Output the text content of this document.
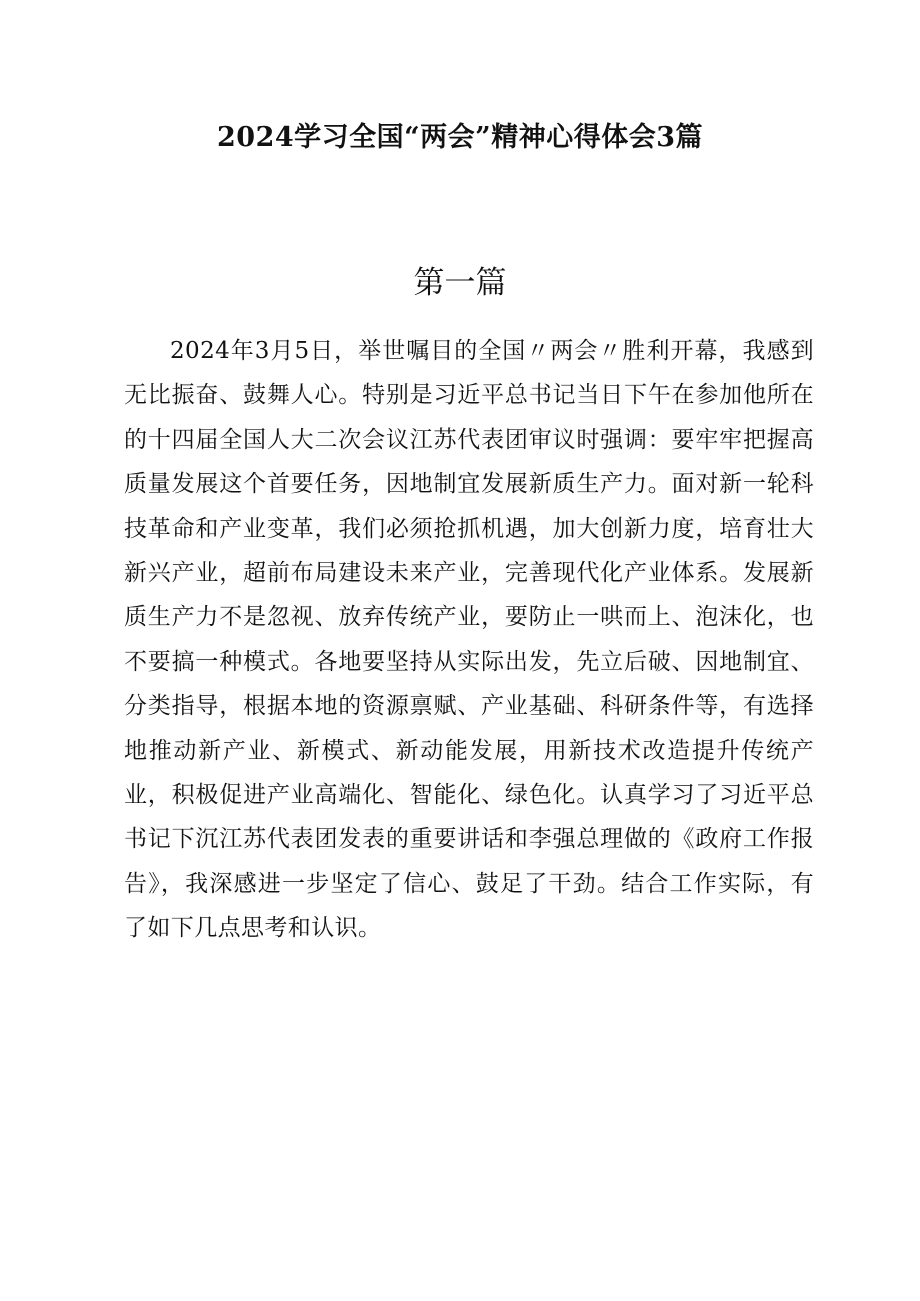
2024学习全国“两会”精神心得体会3篇
第一篇

2024年3月5日，举世嘱目的全国〃两会〃胜利开幕，我感到无比振奋、鼓舞人心。特别是习近平总书记当日下午在参加他所在的十四届全国人大二次会议江苏代表团审议时强调：要牢牢把握高质量发展这个首要任务，因地制宜发展新质生产力。面对新一轮科技革命和产业变革，我们必须抢抓机遇，加大创新力度，培育壮大新兴产业，超前布局建设未来产业，完善现代化产业体系。发展新质生产力不是忽视、放弃传统产业，要防止一哄而上、泡沫化，也不要搞一种模式。各地要坚持从实际出发，先立后破、因地制宜、分类指导，根据本地的资源禀赋、产业基础、科研条件等，有选择地推动新产业、新模式、新动能发展，用新技术改造提升传统产业，积极促进产业高端化、智能化、绿色化。认真学习了习近平总书记下沉江苏代表团发表的重要讲话和李强总理做的《政府工作报告》，我深感进一步坚定了信心、鼓足了干劲。结合工作实际，有了如下几点思考和认识。
